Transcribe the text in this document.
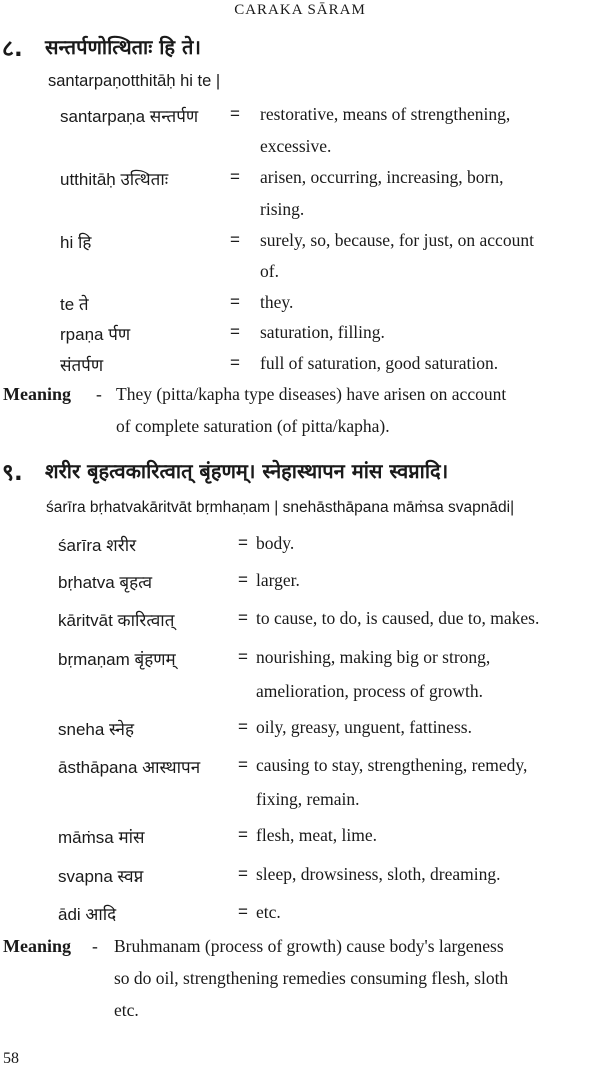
CARAKA SĀRAM
८. सन्तर्पणोत्थिताः हि ते।
santarpaṇotthitāḥ hi te |
santarpaṇa सन्तर्पण = restorative, means of strengthening,
excessive.
utthitāḥ उत्थिताः	= arisen, occurring, increasing, born,
rising.
hi हि	= surely, so, because, for just, on account
of.
te ते	= they.
rpaṇa र्पण	= saturation, filling.
संतर्पण	= full of saturation, good saturation.
Meaning - They (pitta/kapha type diseases) have arisen on account
of complete saturation (of pitta/kapha).
९. शरीर बृहत्वकारित्वात् बृंहणम्। स्नेहास्थापन मांस स्वप्नादि।
śarīra bṛhatvakāritvāt bṛmhaṇam | snehāsthāpana māṁsa svapnādi|
śarīra शरीर	= body.
bṛhatva बृहत्व	= larger.
kāritvāt कारित्वात्	= to cause, to do, is caused, due to, makes.
bṛmaṇam बृंहणम्	= nourishing, making big or strong,
amelioration, process of growth.
sneha स्नेह	= oily, greasy, unguent, fattiness.
āsthāpana आस्थापन = causing to stay, strengthening, remedy,
fixing, remain.
māṁsa मांस	= flesh, meat, lime.
svapna स्वप्न	= sleep, drowsiness, sloth, dreaming.
ādi आदि	= etc.
Meaning - Bruhmanam (process of growth) cause body's largeness
so do oil, strengthening remedies consuming flesh, sloth
etc.
58
